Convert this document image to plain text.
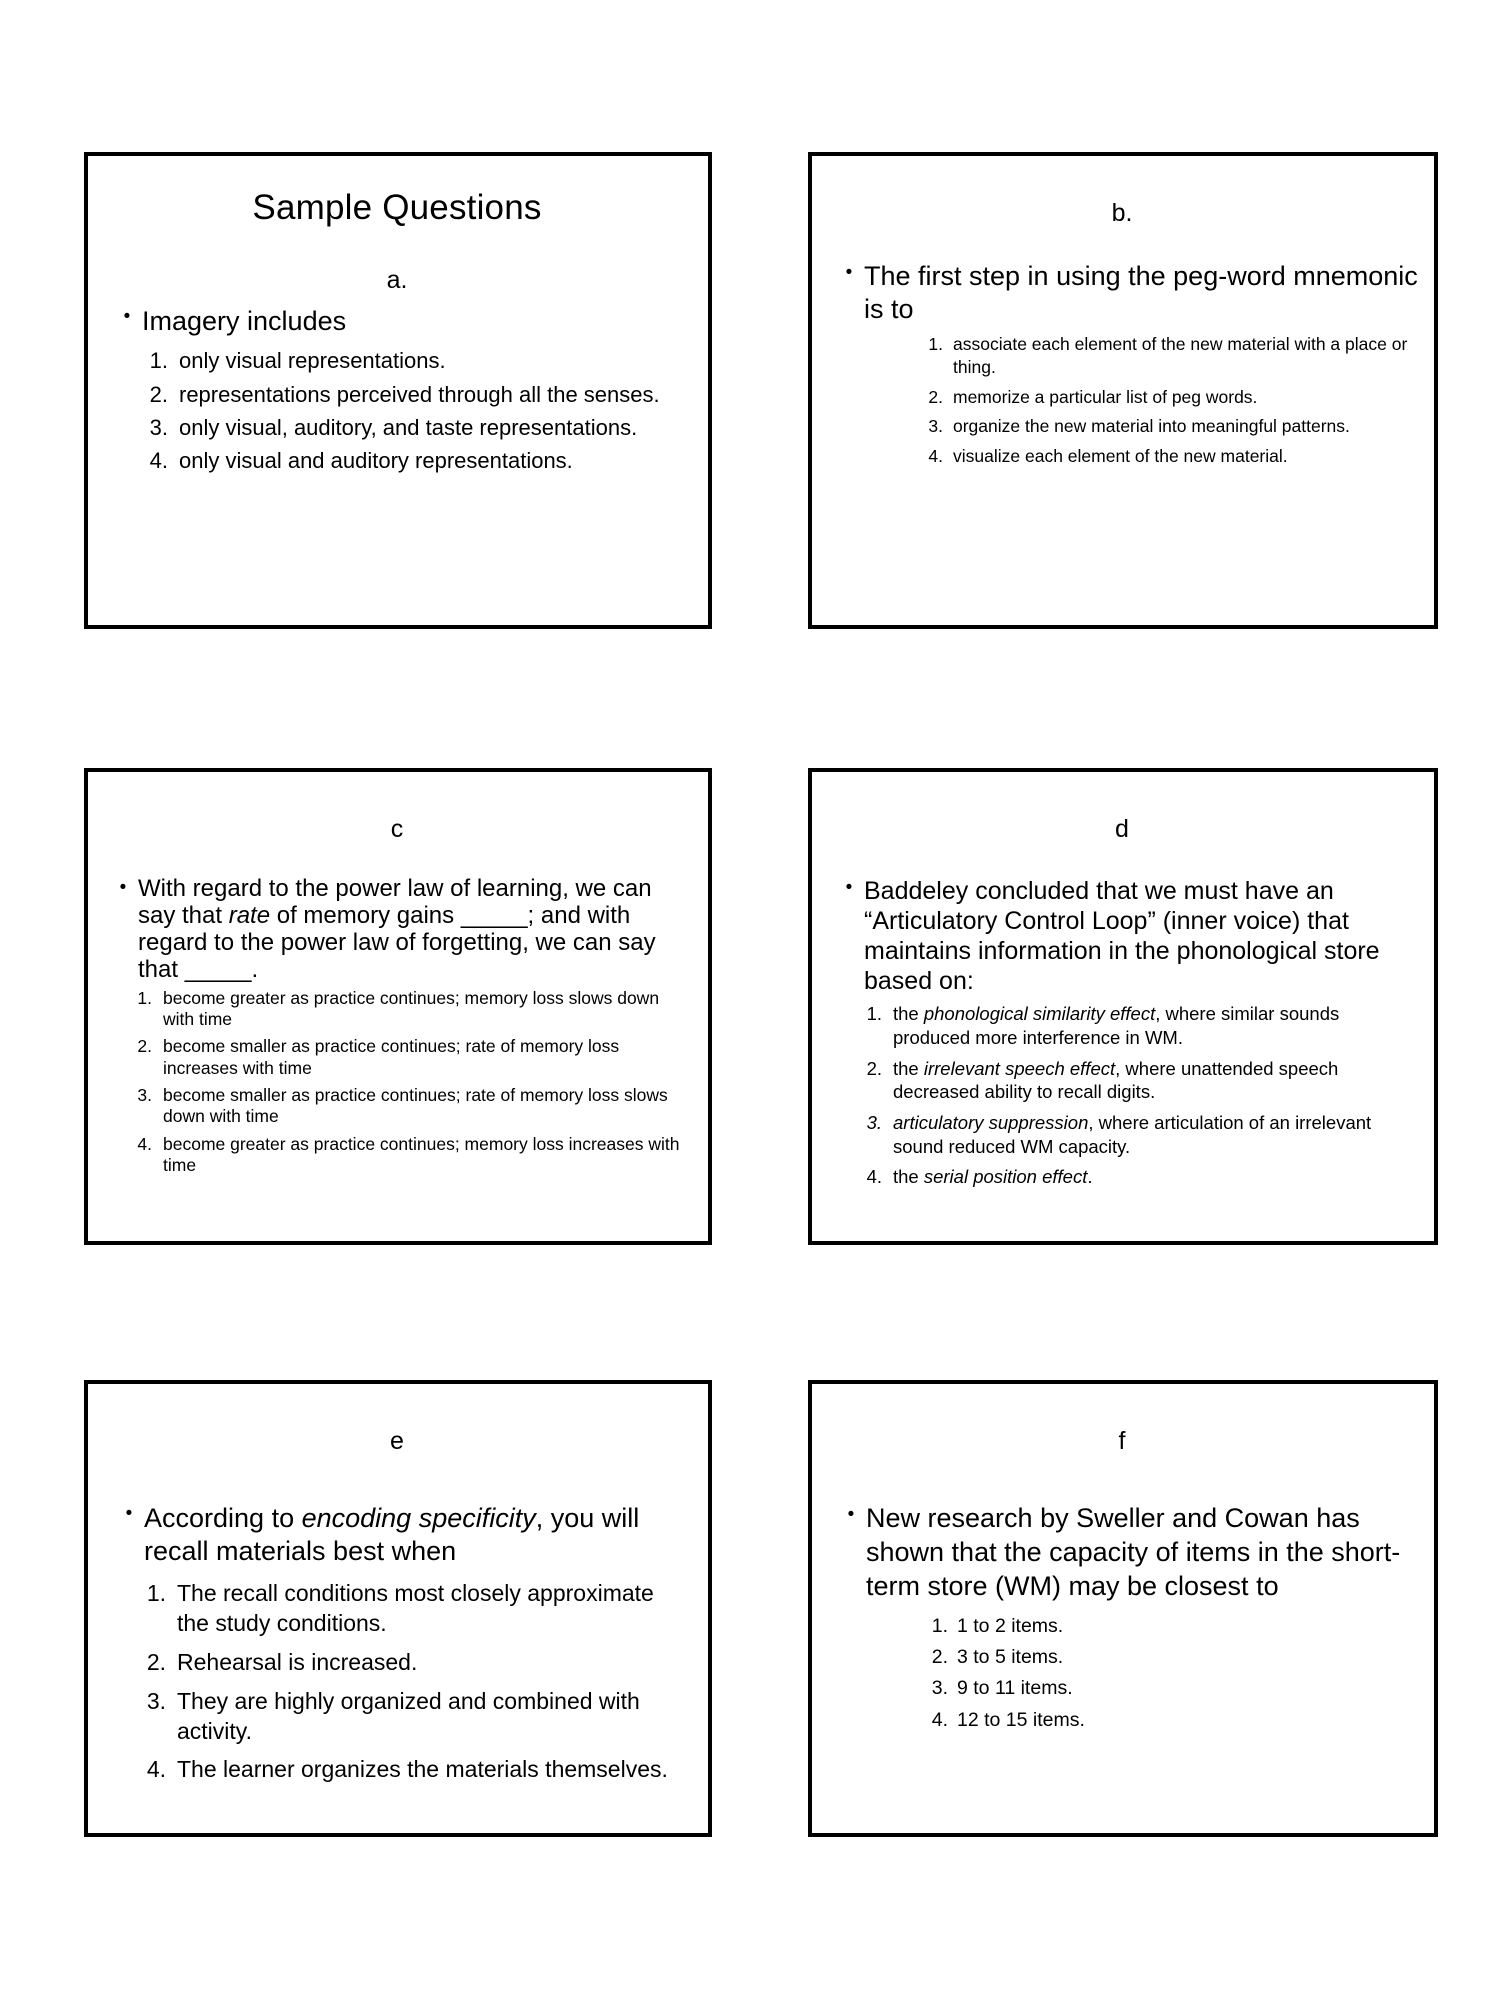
Sample Questions
a.
• Imagery includes
1. only visual representations.
2. representations perceived through all the senses.
3. only visual, auditory, and taste representations.
4. only visual and auditory representations.
b.
• The first step in using the peg-word mnemonic is to
1. associate each element of the new material with a place or thing.
2. memorize a particular list of peg words.
3. organize the new material into meaningful patterns.
4. visualize each element of the new material.
c
• With regard to the power law of learning, we can say that rate of memory gains _____; and with regard to the power law of forgetting, we can say that _____.
1. become greater as practice continues; memory loss slows down with time
2. become smaller as practice continues; rate of memory loss increases with time
3. become smaller as practice continues; rate of memory loss slows down with time
4. become greater as practice continues; memory loss increases with time
d
• Baddeley concluded that we must have an “Articulatory Control Loop” (inner voice) that maintains information in the phonological store based on:
1. the phonological similarity effect, where similar sounds produced more interference in WM.
2. the irrelevant speech effect, where unattended speech decreased ability to recall digits.
3. articulatory suppression, where articulation of an irrelevant sound reduced WM capacity.
4. the serial position effect.
e
• According to encoding specificity, you will recall materials best when
1. The recall conditions most closely approximate the study conditions.
2. Rehearsal is increased.
3. They are highly organized and combined with activity.
4. The learner organizes the materials themselves.
f
• New research by Sweller and Cowan has shown that the capacity of items in the short-term store (WM) may be closest to
1. 1 to 2 items.
2. 3 to 5 items.
3. 9 to 11 items.
4. 12 to 15 items.
